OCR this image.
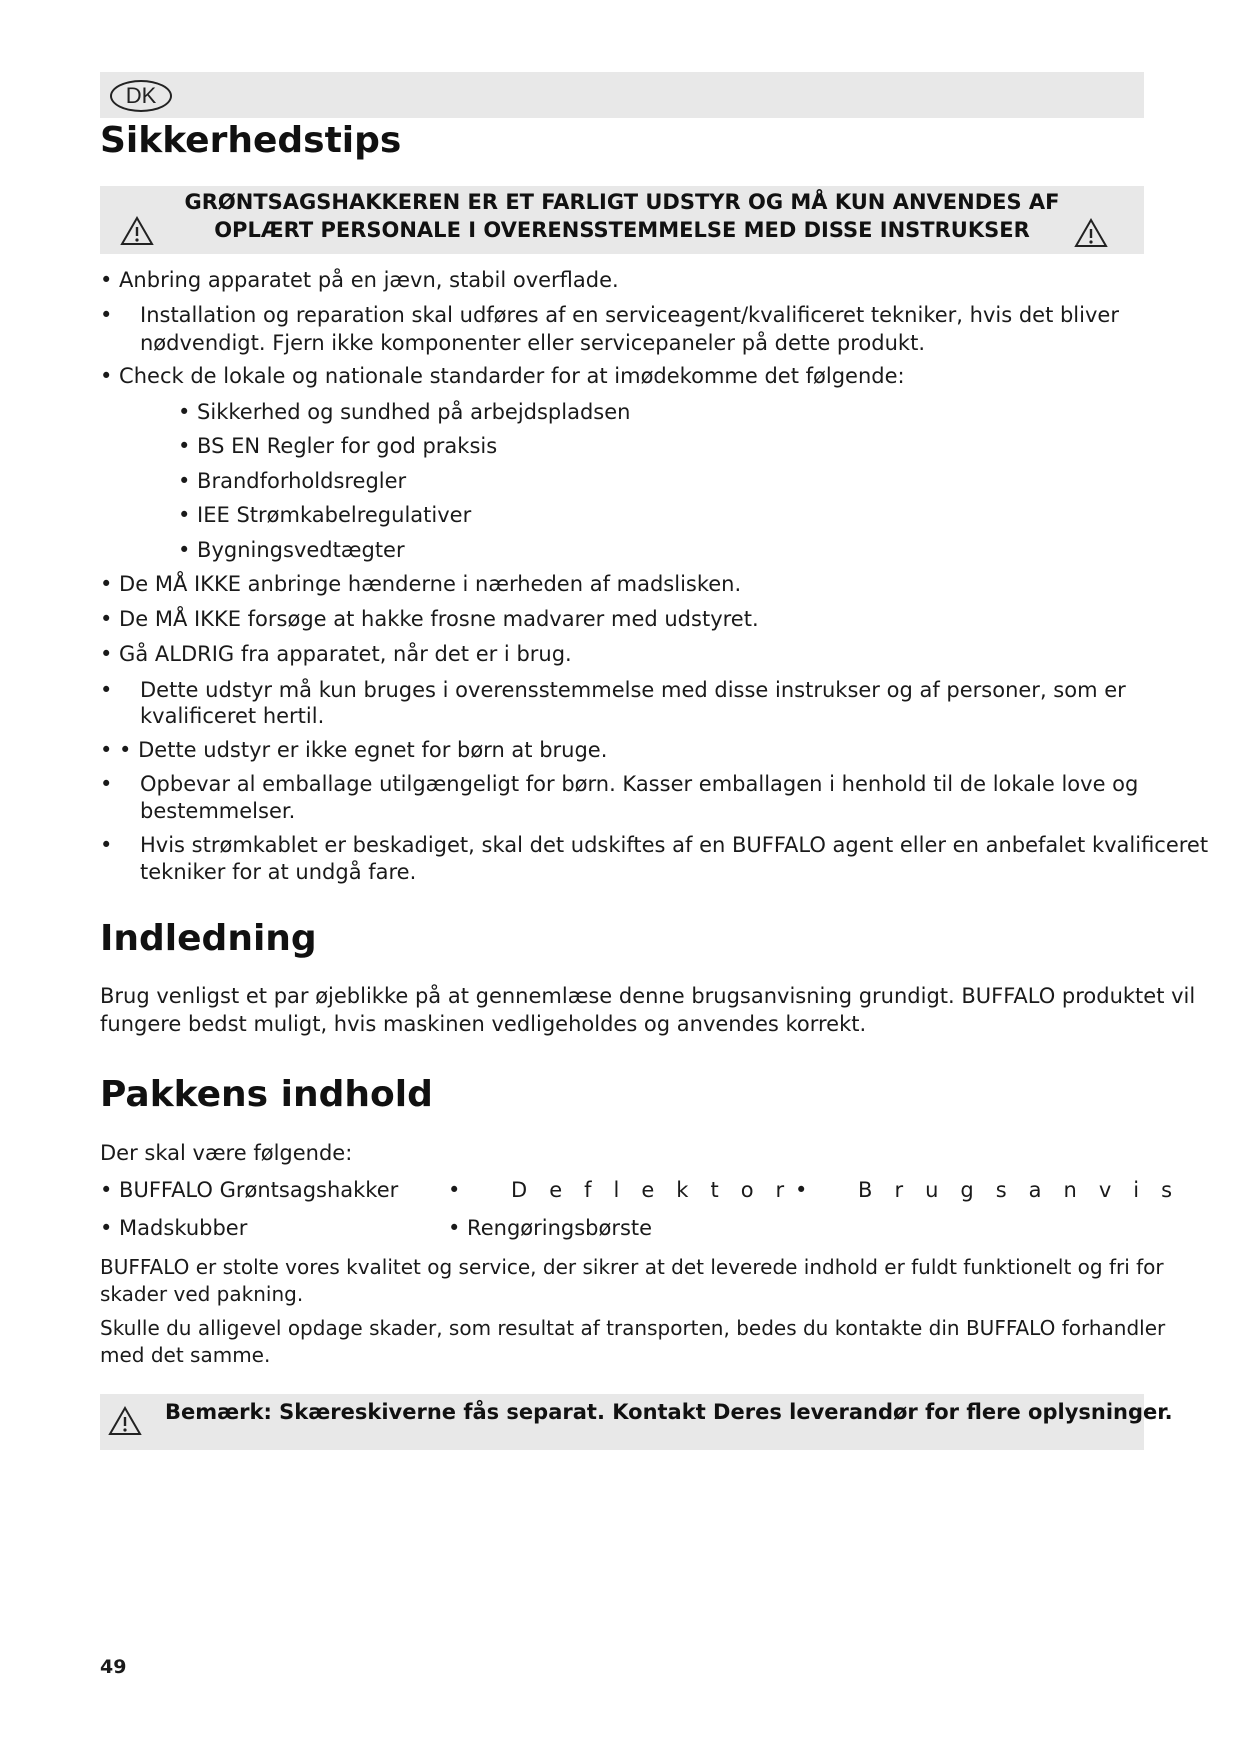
DK
Sikkerhedstips
GRØNTSAGSHAKKEREN ER ET FARLIGT UDSTYR OG MÅ KUN ANVENDES AF
OPLÆRT PERSONALE I OVERENSSTEMMELSE MED DISSE INSTRUKSER
• Anbring apparatet på en jævn, stabil overflade.
• Installation og reparation skal udføres af en serviceagent/kvalificeret tekniker, hvis det bliver
nødvendigt. Fjern ikke komponenter eller servicepaneler på dette produkt.
• Check de lokale og nationale standarder for at imødekomme det følgende:
• Sikkerhed og sundhed på arbejdspladsen
• BS EN Regler for god praksis
• Brandforholdsregler
• IEE Strømkabelregulativer
• Bygningsvedtægter
• De MÅ IKKE anbringe hænderne i nærheden af madslisken.
• De MÅ IKKE forsøge at hakke frosne madvarer med udstyret.
• Gå ALDRIG fra apparatet, når det er i brug.
• Dette udstyr må kun bruges i overensstemmelse med disse instrukser og af personer, som er
kvalificeret hertil.
• • Dette udstyr er ikke egnet for børn at bruge.
• Opbevar al emballage utilgængeligt for børn. Kasser emballagen i henhold til de lokale love og
bestemmelser.
• Hvis strømkablet er beskadiget, skal det udskiftes af en BUFFALO agent eller en anbefalet kvalificeret
tekniker for at undgå fare.
Indledning
Brug venligst et par øjeblikke på at gennemlæse denne brugsanvisning grundigt. BUFFALO produktet vil
fungere bedst muligt, hvis maskinen vedligeholdes og anvendes korrekt.
Pakkens indhold
Der skal være følgende:
• BUFFALO Grøntsagshakker
• Madskubber
• Deflektor
• Brugsanvis
• Rengøringsbørste
BUFFALO er stolte vores kvalitet og service, der sikrer at det leverede indhold er fuldt funktionelt og fri for
skader ved pakning.
Skulle du alligevel opdage skader, som resultat af transporten, bedes du kontakte din BUFFALO forhandler
med det samme.
Bemærk: Skæreskiverne fås separat. Kontakt Deres leverandør for flere oplysninger.
49
